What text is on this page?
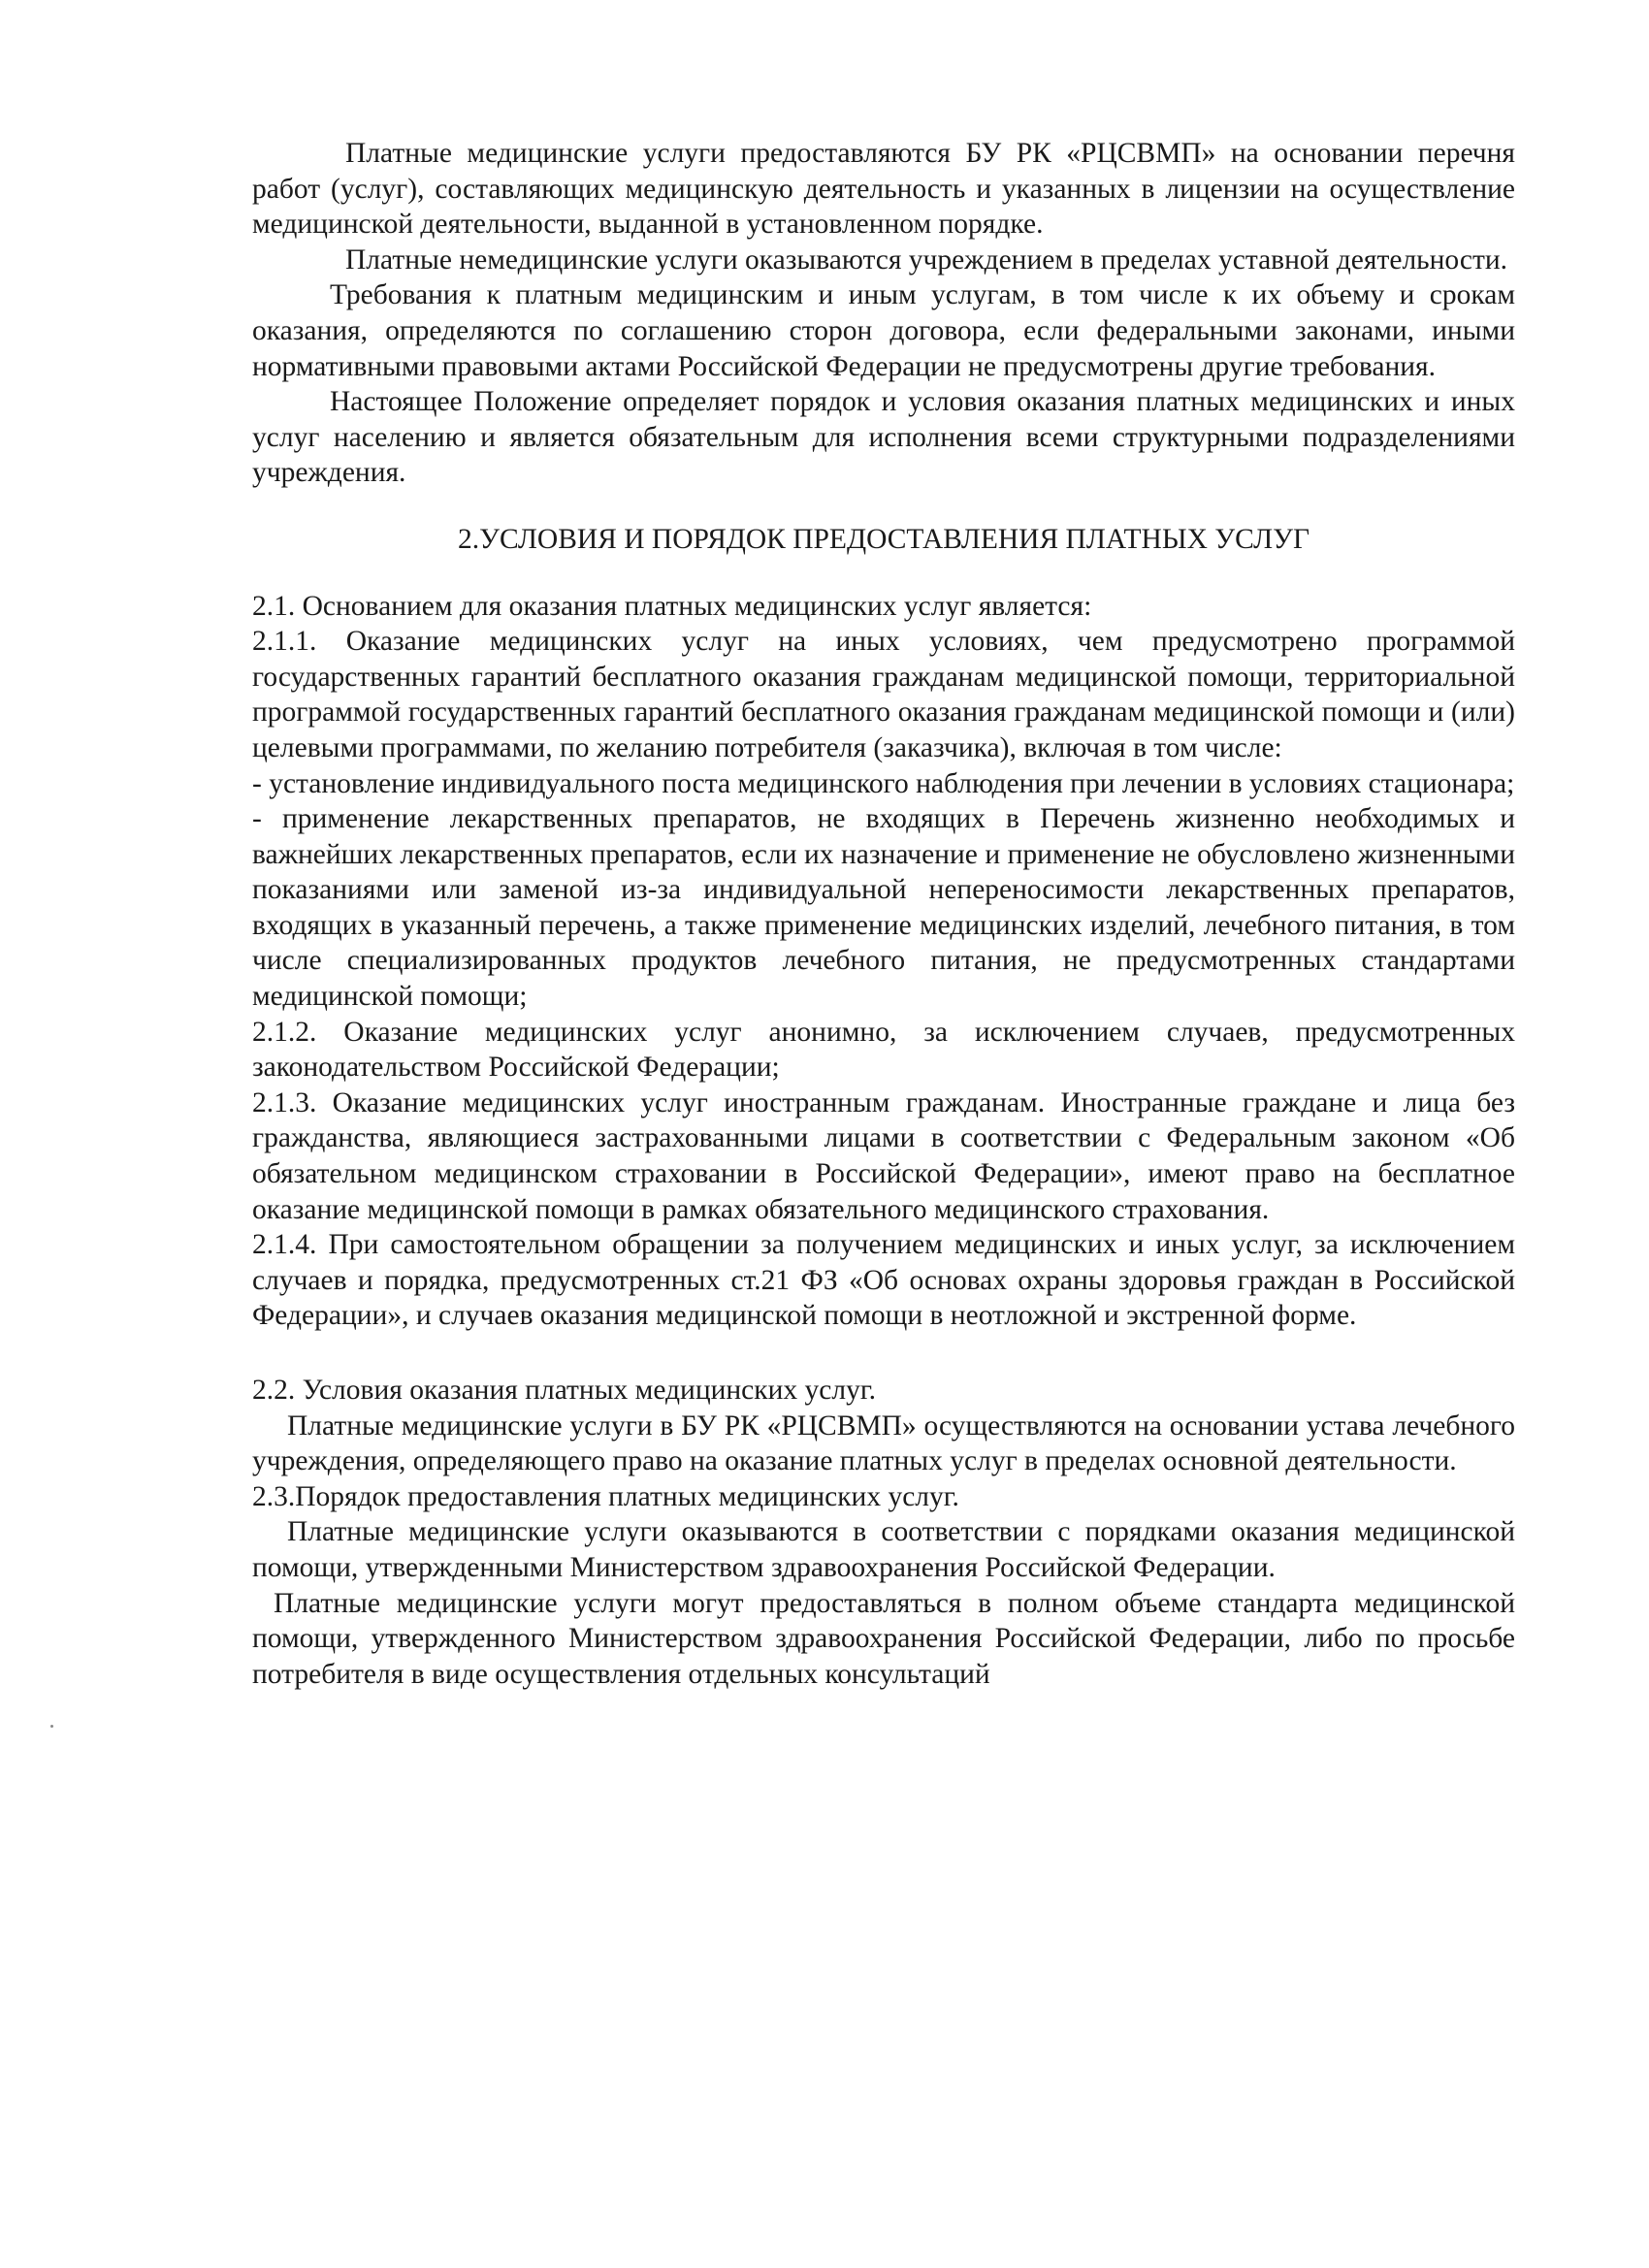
Платные медицинские услуги предоставляются БУ РК «РЦСВМП» на основании перечня работ (услуг), составляющих медицинскую деятельность и указанных в лицензии на осуществление медицинской деятельности, выданной в установленном порядке.

Платные немедицинские услуги оказываются учреждением в пределах уставной деятельности.

Требования к платным медицинским и иным услугам, в том числе к их объему и срокам оказания, определяются по соглашению сторон договора, если федеральными законами, иными нормативными правовыми актами Российской Федерации не предусмотрены другие требования.

Настоящее Положение определяет порядок и условия оказания платных медицинских и иных услуг населению и является обязательным для исполнения всеми структурными подразделениями учреждения.

2.УСЛОВИЯ И ПОРЯДОК ПРЕДОСТАВЛЕНИЯ ПЛАТНЫХ УСЛУГ

2.1. Основанием для оказания платных медицинских услуг является:

2.1.1. Оказание медицинских услуг на иных условиях, чем предусмотрено программой государственных гарантий бесплатного оказания гражданам медицинской помощи, территориальной программой государственных гарантий бесплатного оказания гражданам медицинской помощи и (или) целевыми программами, по желанию потребителя (заказчика), включая в том числе:

- установление индивидуального поста медицинского наблюдения при лечении в условиях стационара;

- применение лекарственных препаратов, не входящих в Перечень жизненно необходимых и важнейших лекарственных препаратов, если их назначение и применение не обусловлено жизненными показаниями или заменой из-за индивидуальной непереносимости лекарственных препаратов, входящих в указанный перечень, а также применение медицинских изделий, лечебного питания, в том числе специализированных продуктов лечебного питания, не предусмотренных стандартами медицинской помощи;

2.1.2. Оказание медицинских услуг анонимно, за исключением случаев, предусмотренных законодательством Российской Федерации;

2.1.3. Оказание медицинских услуг иностранным гражданам. Иностранные граждане и лица без гражданства, являющиеся застрахованными лицами в соответствии с Федеральным законом «Об обязательном медицинском страховании в Российской Федерации», имеют право на бесплатное оказание медицинской помощи в рамках обязательного медицинского страхования.

2.1.4. При самостоятельном обращении за получением медицинских и иных услуг, за исключением случаев и порядка, предусмотренных ст.21 ФЗ «Об основах охраны здоровья граждан в Российской Федерации», и случаев оказания медицинской помощи в неотложной и экстренной форме.

2.2. Условия оказания платных медицинских услуг.

Платные медицинские услуги в БУ РК «РЦСВМП» осуществляются на основании устава лечебного учреждения, определяющего право на оказание платных услуг в пределах основной деятельности.

2.3.Порядок предоставления платных медицинских услуг.

Платные медицинские услуги оказываются в соответствии с порядками оказания медицинской помощи, утвержденными Министерством здравоохранения Российской Федерации.

Платные медицинские услуги могут предоставляться в полном объеме стандарта медицинской помощи, утвержденного Министерством здравоохранения Российской Федерации, либо по просьбе потребителя в виде осуществления отдельных консультаций
